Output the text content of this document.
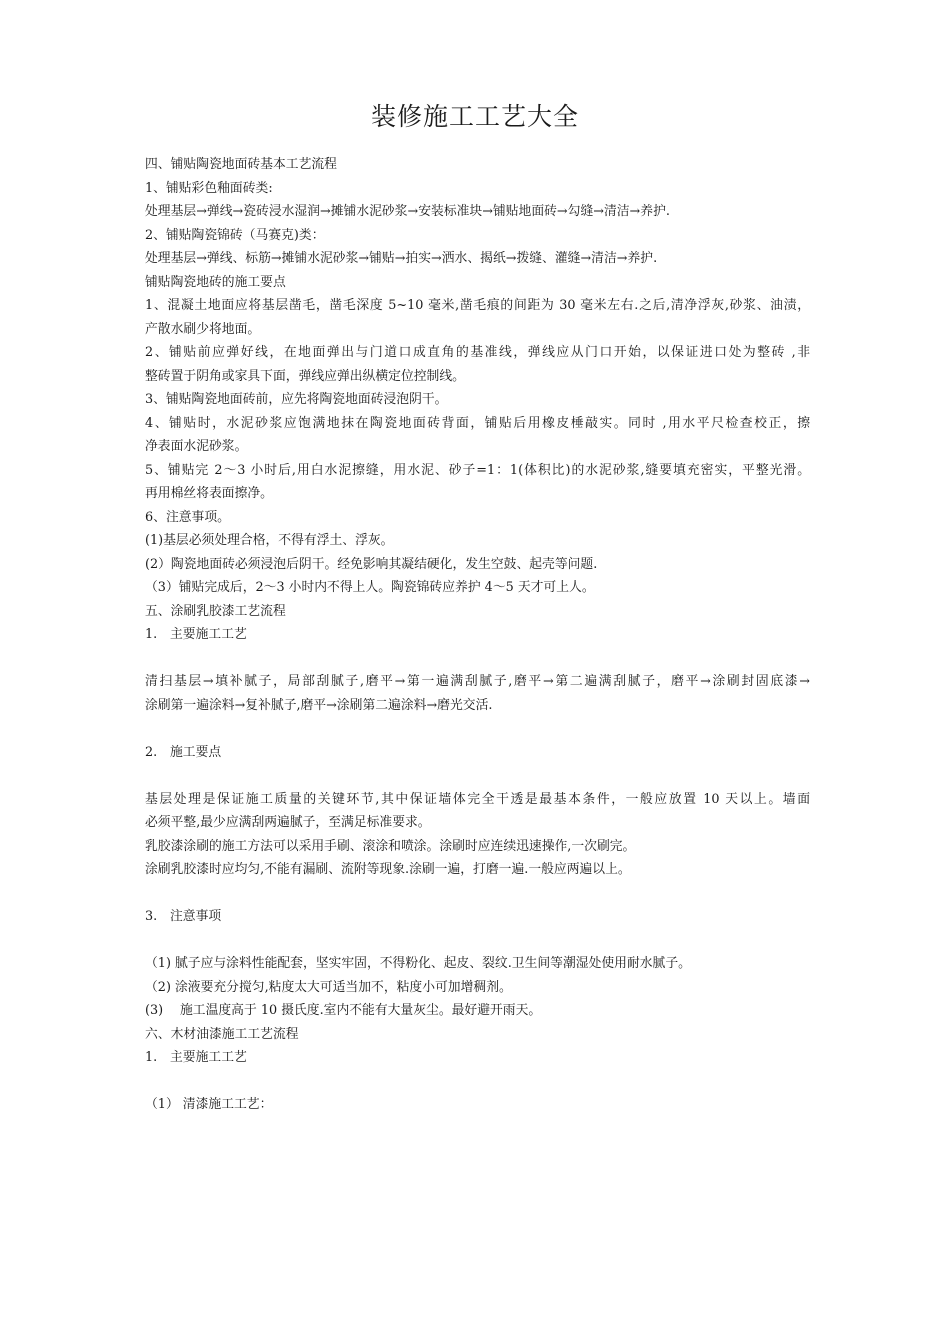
装修施工工艺大全
四、铺贴陶瓷地面砖基本工艺流程
1、铺贴彩色釉面砖类:
处理基层→弹线→瓷砖浸水湿润→摊铺水泥砂浆→安装标准块→铺贴地面砖→勾缝→清洁→养护.
2、铺贴陶瓷锦砖（马赛克)类：
处理基层→弹线、标筋→摊铺水泥砂浆→铺贴→拍实→洒水、揭纸→拨缝、灌缝→清洁→养护.
铺贴陶瓷地砖的施工要点
1、混凝土地面应将基层凿毛，凿毛深度 5~10 毫米,凿毛痕的间距为 30 毫米左右.之后,清净浮灰,砂浆、油渍，
产散水刷少将地面。
2、铺贴前应弹好线，在地面弹出与门道口成直角的基准线，弹线应从门口开始，以保证进口处为整砖 ,非
整砖置于阴角或家具下面，弹线应弹出纵横定位控制线。
3、铺贴陶瓷地面砖前，应先将陶瓷地面砖浸泡阴干。
4、铺贴时，水泥砂浆应饱满地抹在陶瓷地面砖背面，铺贴后用橡皮棰敲实。同时 ,用水平尺检查校正，擦
净表面水泥砂浆。
5、铺贴完 2～3 小时后,用白水泥擦缝，用水泥、砂子=1：1(体积比)的水泥砂浆,缝要填充密实，平整光滑。
再用棉丝将表面擦净。
6、注意事项。
(1)基层必须处理合格，不得有浮土、浮灰。
(2）陶瓷地面砖必须浸泡后阴干。经免影响其凝结硬化，发生空鼓、起壳等问题.
（3）铺贴完成后，2～3 小时内不得上人。陶瓷锦砖应养护 4～5 天才可上人。
五、涂刷乳胶漆工艺流程
1.　主要施工工艺
清扫基层→填补腻子，局部刮腻子,磨平→第一遍满刮腻子,磨平→第二遍满刮腻子，磨平→涂刷封固底漆→
涂刷第一遍涂料→复补腻子,磨平→涂刷第二遍涂料→磨光交活.
2.　施工要点
基层处理是保证施工质量的关键环节,其中保证墙体完全干透是最基本条件，一般应放置 10 天以上。墙面
必须平整,最少应满刮两遍腻子，至满足标准要求。
乳胶漆涂刷的施工方法可以采用手刷、滚涂和喷涂。涂刷时应连续迅速操作,一次刷完。
涂刷乳胶漆时应均匀,不能有漏刷、流附等现象.涂刷一遍，打磨一遍.一般应两遍以上。
3.　注意事项
（1) 腻子应与涂料性能配套，坚实牢固，不得粉化、起皮、裂纹.卫生间等潮湿处使用耐水腻子。
（2) 涂液要充分搅匀,粘度太大可适当加不，粘度小可加增稠剂。
(3)　 施工温度高于 10 摄氏度.室内不能有大量灰尘。最好避开雨天。
六、木材油漆施工工艺流程
1.　主要施工工艺
（1） 清漆施工工艺：
